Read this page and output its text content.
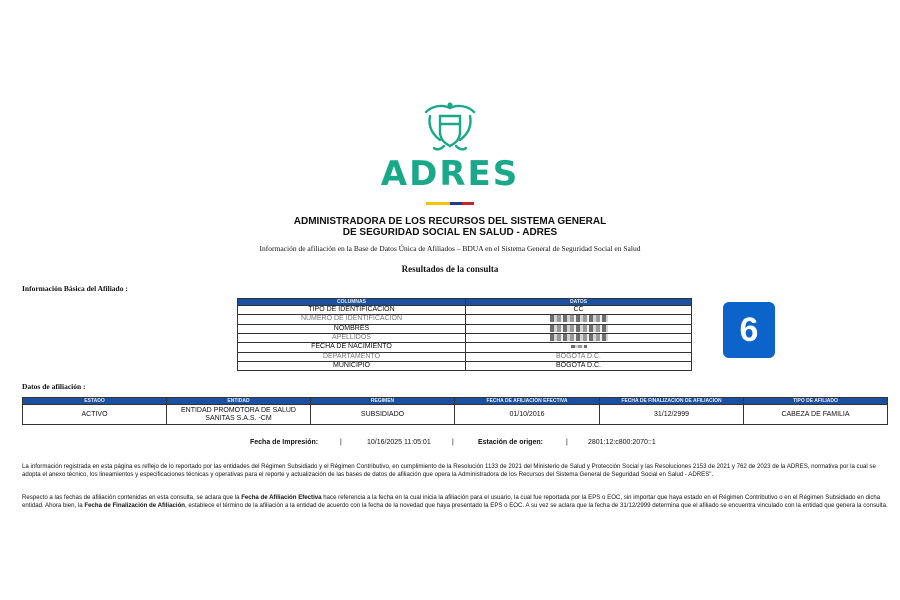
ADRES
ADMINISTRADORA DE LOS RECURSOS DEL SISTEMA GENERAL
DE SEGURIDAD SOCIAL EN SALUD - ADRES
Información de afiliación en la Base de Datos Única de Afiliados – BDUA en el Sistema General de Seguridad Social en Salud
Resultados de la consulta
Información Básica del Afiliado :
COLUMNAS	DATOS
TIPO DE IDENTIFICACIÓN	CC
NÚMERO DE IDENTIFICACIÓN	
NOMBRES	
APELLIDOS	
FECHA DE NACIMIENTO	
DEPARTAMENTO	BOGOTA D.C.
MUNICIPIO	BOGOTA D.C.
6
Datos de afiliación :
ESTADO	ENTIDAD	RÉGIMEN	FECHA DE AFILIACIÓN EFECTIVA	FECHA DE FINALIZACIÓN DE AFILIACIÓN	TIPO DE AFILIADO
ACTIVO	ENTIDAD PROMOTORA DE SALUD SANITAS S.A.S. -CM	SUBSIDIADO	01/10/2016	31/12/2999	CABEZA DE FAMILIA
Fecha de Impresión:	|	10/16/2025 11:05:01	|	Estación de origen:	|	2801:12:c800:2070::1
La información registrada en esta página es reflejo de lo reportado por las entidades del Régimen Subsidiado y el Régimen Contributivo, en cumplimiento de la Resolución 1133 de 2021 del Ministerio de Salud y Protección Social y las Resoluciones 2153 de 2021 y 762 de 2023 de la ADRES, normativa por la cual se adopta el anexo técnico, los lineamientos y especificaciones técnicas y operativas para el reporte y actualización de las bases de datos de afiliación que opera la Administradora de los Recursos del Sistema General de Seguridad Social en Salud - ADRES".
Respecto a las fechas de afiliación contenidas en esta consulta, se aclara que la Fecha de Afiliación Efectiva hace referencia a la fecha en la cual inicia la afiliación para el usuario, la cual fue reportada por la EPS o EOC, sin importar que haya estado en el Régimen Contributivo o en el Régimen Subsidiado en dicha entidad. Ahora bien, la Fecha de Finalización de Afiliación, establece el término de la afiliación a la entidad de acuerdo con la fecha de la novedad que haya presentado la EPS o EOC. A su vez se aclara que la fecha de 31/12/2999 determina que el afiliado se encuentra vinculado con la entidad que genera la consulta.
